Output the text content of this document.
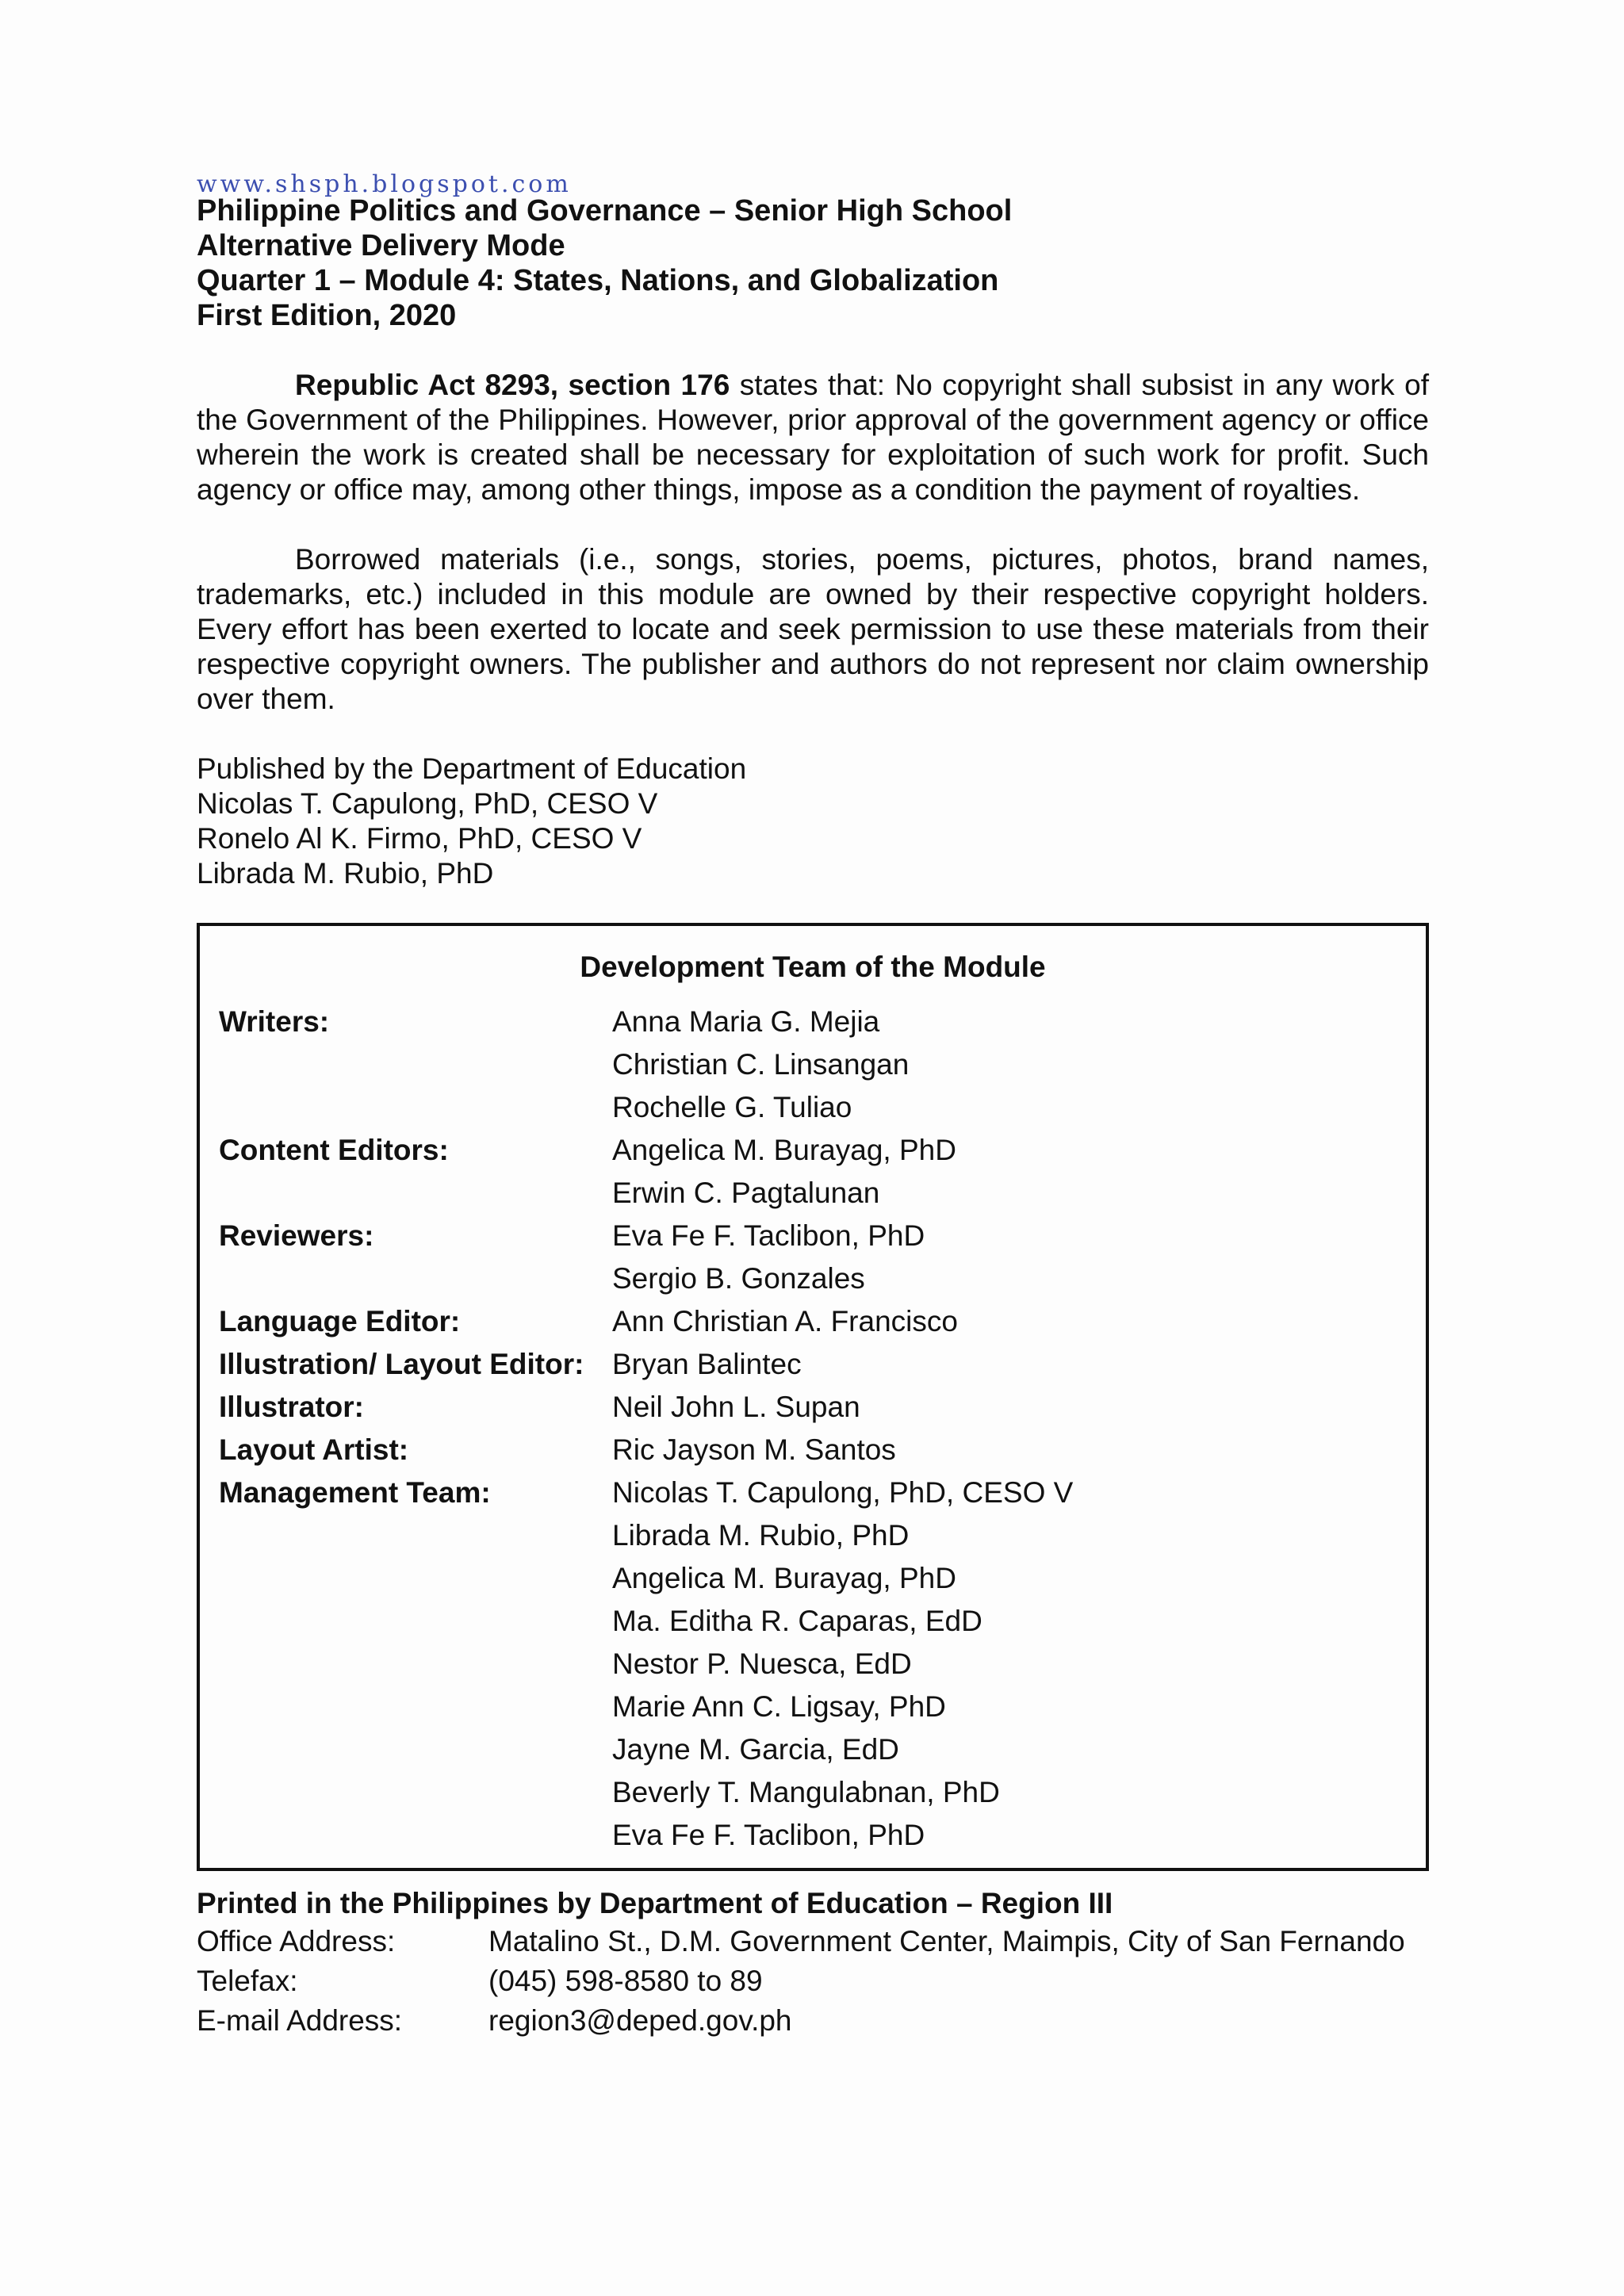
www.shsph.blogspot.com
Philippine Politics and Governance – Senior High School
Alternative Delivery Mode
Quarter 1 – Module 4: States, Nations, and Globalization
First Edition, 2020

Republic Act 8293, section 176 states that: No copyright shall subsist in any work of the Government of the Philippines. However, prior approval of the government agency or office wherein the work is created shall be necessary for exploitation of such work for profit. Such agency or office may, among other things, impose as a condition the payment of royalties.

Borrowed materials (i.e., songs, stories, poems, pictures, photos, brand names, trademarks, etc.) included in this module are owned by their respective copyright holders. Every effort has been exerted to locate and seek permission to use these materials from their respective copyright owners. The publisher and authors do not represent nor claim ownership over them.

Published by the Department of Education
Nicolas T. Capulong, PhD, CESO V
Ronelo Al K. Firmo, PhD, CESO V
Librada M. Rubio, PhD
Development Team of the Module
Writers:	Anna Maria G. Mejia
Christian C. Linsangan
Rochelle G. Tuliao
Content Editors:	Angelica M. Burayag, PhD
Erwin C. Pagtalunan
Reviewers:	Eva Fe F. Taclibon, PhD
Sergio B. Gonzales
Language Editor:	Ann Christian A. Francisco
Illustration/ Layout Editor: Bryan Balintec
Illustrator:	Neil John L. Supan
Layout Artist:	Ric Jayson M. Santos
Management Team:	Nicolas T. Capulong, PhD, CESO V
Librada M. Rubio, PhD
Angelica M. Burayag, PhD
Ma. Editha R. Caparas, EdD
Nestor P. Nuesca, EdD
Marie Ann C. Ligsay, PhD
Jayne M. Garcia, EdD
Beverly T. Mangulabnan, PhD
Eva Fe F. Taclibon, PhD
Printed in the Philippines by Department of Education – Region III
Office Address:	Matalino St., D.M. Government Center, Maimpis, City of San Fernando
Telefax:	(045) 598-8580 to 89
E-mail Address:	region3@deped.gov.ph
